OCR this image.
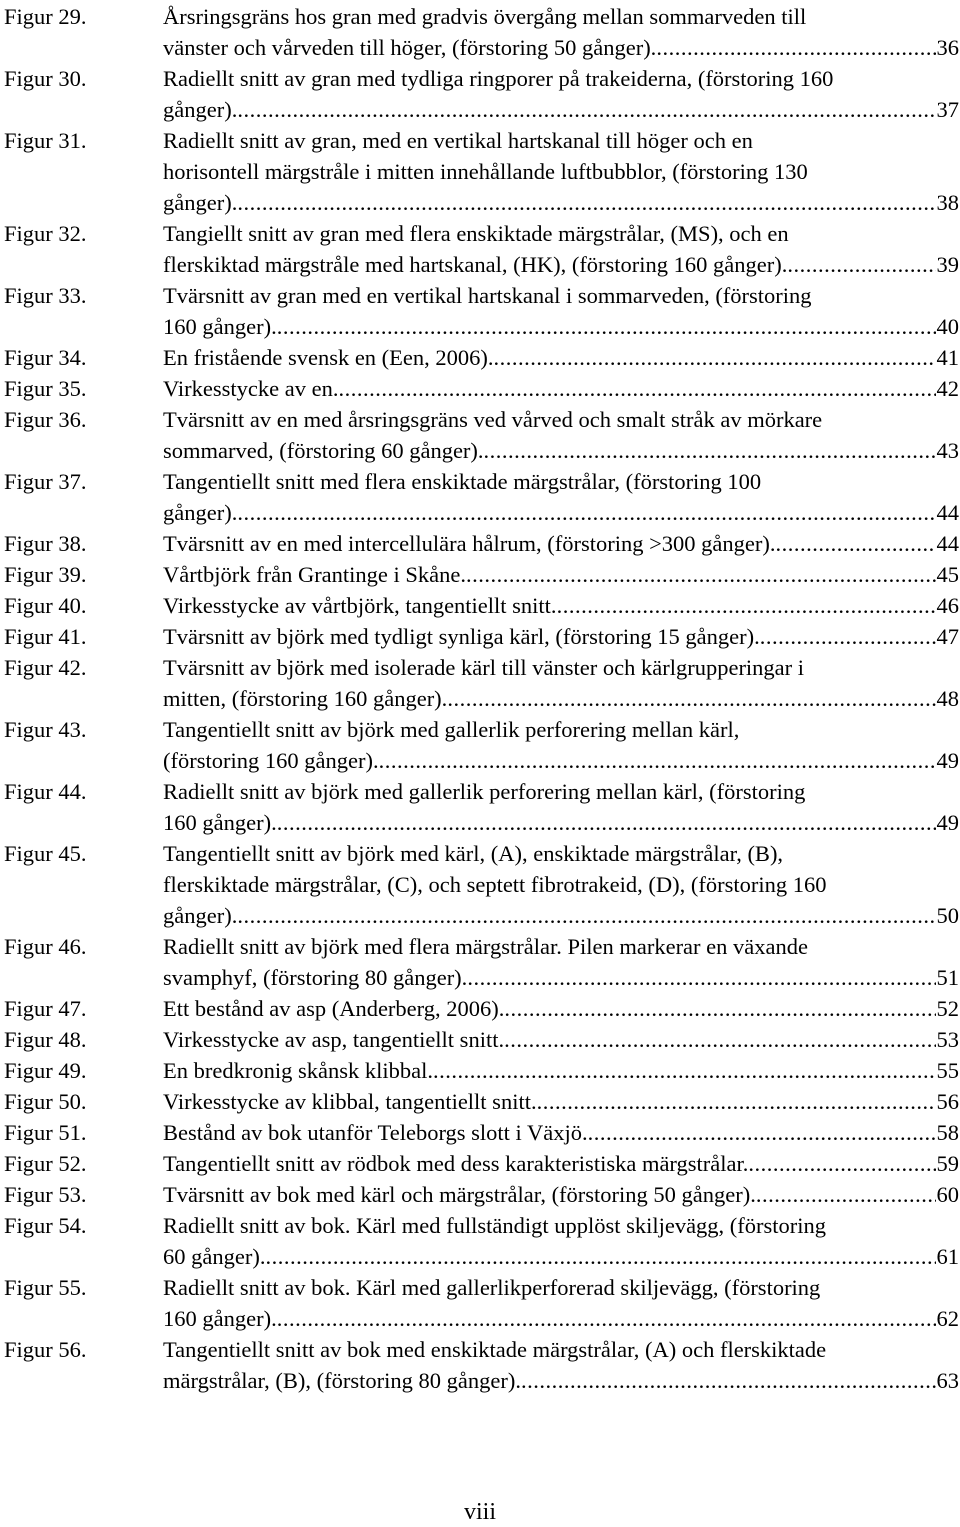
Figur 29.	Årsringsgräns hos gran med gradvis övergång mellan sommarveden till
vänster och vårveden till höger, (förstoring 50 gånger). .....	36
Figur 30.	Radiellt snitt av gran med tydliga ringporer på trakeiderna, (förstoring 160
gånger). .....	37
Figur 31.	Radiellt snitt av gran, med en vertikal hartskanal till höger och en
horisontell märgstråle i mitten innehållande luftbubblor, (förstoring 130
gånger). .....	38
Figur 32.	Tangiellt snitt av gran med flera enskiktade märgstrålar, (MS), och en
flerskiktad märgstråle med hartskanal, (HK), (förstoring 160 gånger). .....	39
Figur 33.	Tvärsnitt av gran med en vertikal hartskanal i sommarveden, (förstoring
160 gånger). .....	40
Figur 34.	En fristående svensk en (Een, 2006). .....	41
Figur 35.	Virkesstycke av en. .....	42
Figur 36.	Tvärsnitt av en med årsringsgräns ved vårved och smalt stråk av mörkare
sommarved, (förstoring 60 gånger). .....	43
Figur 37.	Tangentiellt snitt med flera enskiktade märgstrålar, (förstoring 100
gånger). .....	44
Figur 38.	Tvärsnitt av en med intercellulära hålrum, (förstoring >300 gånger). .....	44
Figur 39.	Vårtbjörk från Grantinge i Skåne. .....	45
Figur 40.	Virkesstycke av vårtbjörk, tangentiellt snitt. .....	46
Figur 41.	Tvärsnitt av björk med tydligt synliga kärl, (förstoring 15 gånger). .....	47
Figur 42.	Tvärsnitt av björk med isolerade kärl till vänster och kärlgrupperingar i
mitten, (förstoring 160 gånger). .....	48
Figur 43.	Tangentiellt snitt av björk med gallerlik perforering mellan kärl,
(förstoring 160 gånger). .....	49
Figur 44.	Radiellt snitt av björk med gallerlik perforering mellan kärl, (förstoring
160 gånger). .....	49
Figur 45.	Tangentiellt snitt av björk med kärl, (A), enskiktade märgstrålar, (B),
flerskiktade märgstrålar, (C), och septett fibrotrakeid, (D), (förstoring 160
gånger). .....	50
Figur 46.	Radiellt snitt av björk med flera märgstrålar. Pilen markerar en växande
svamphyf, (förstoring 80 gånger). .....	51
Figur 47.	Ett bestånd av asp (Anderberg, 2006). .....	52
Figur 48.	Virkesstycke av asp, tangentiellt snitt. .....	53
Figur 49.	En bredkronig skånsk klibbal. .....	55
Figur 50.	Virkesstycke av klibbal, tangentiellt snitt. .....	56
Figur 51.	Bestånd av bok utanför Teleborgs slott i Växjö. .....	58
Figur 52.	Tangentiellt snitt av rödbok med dess karakteristiska märgstrålar. .....	59
Figur 53.	Tvärsnitt av bok med kärl och märgstrålar, (förstoring 50 gånger). .....	60
Figur 54.	Radiellt snitt av bok. Kärl med fullständigt upplöst skiljevägg, (förstoring
60 gånger). .....	61
Figur 55.	Radiellt snitt av bok. Kärl med gallerlikperforerad skiljevägg, (förstoring
160 gånger). .....	62
Figur 56.	Tangentiellt snitt av bok med enskiktade märgstrålar, (A) och flerskiktade
märgstrålar, (B), (förstoring 80 gånger). .....	63
viii
